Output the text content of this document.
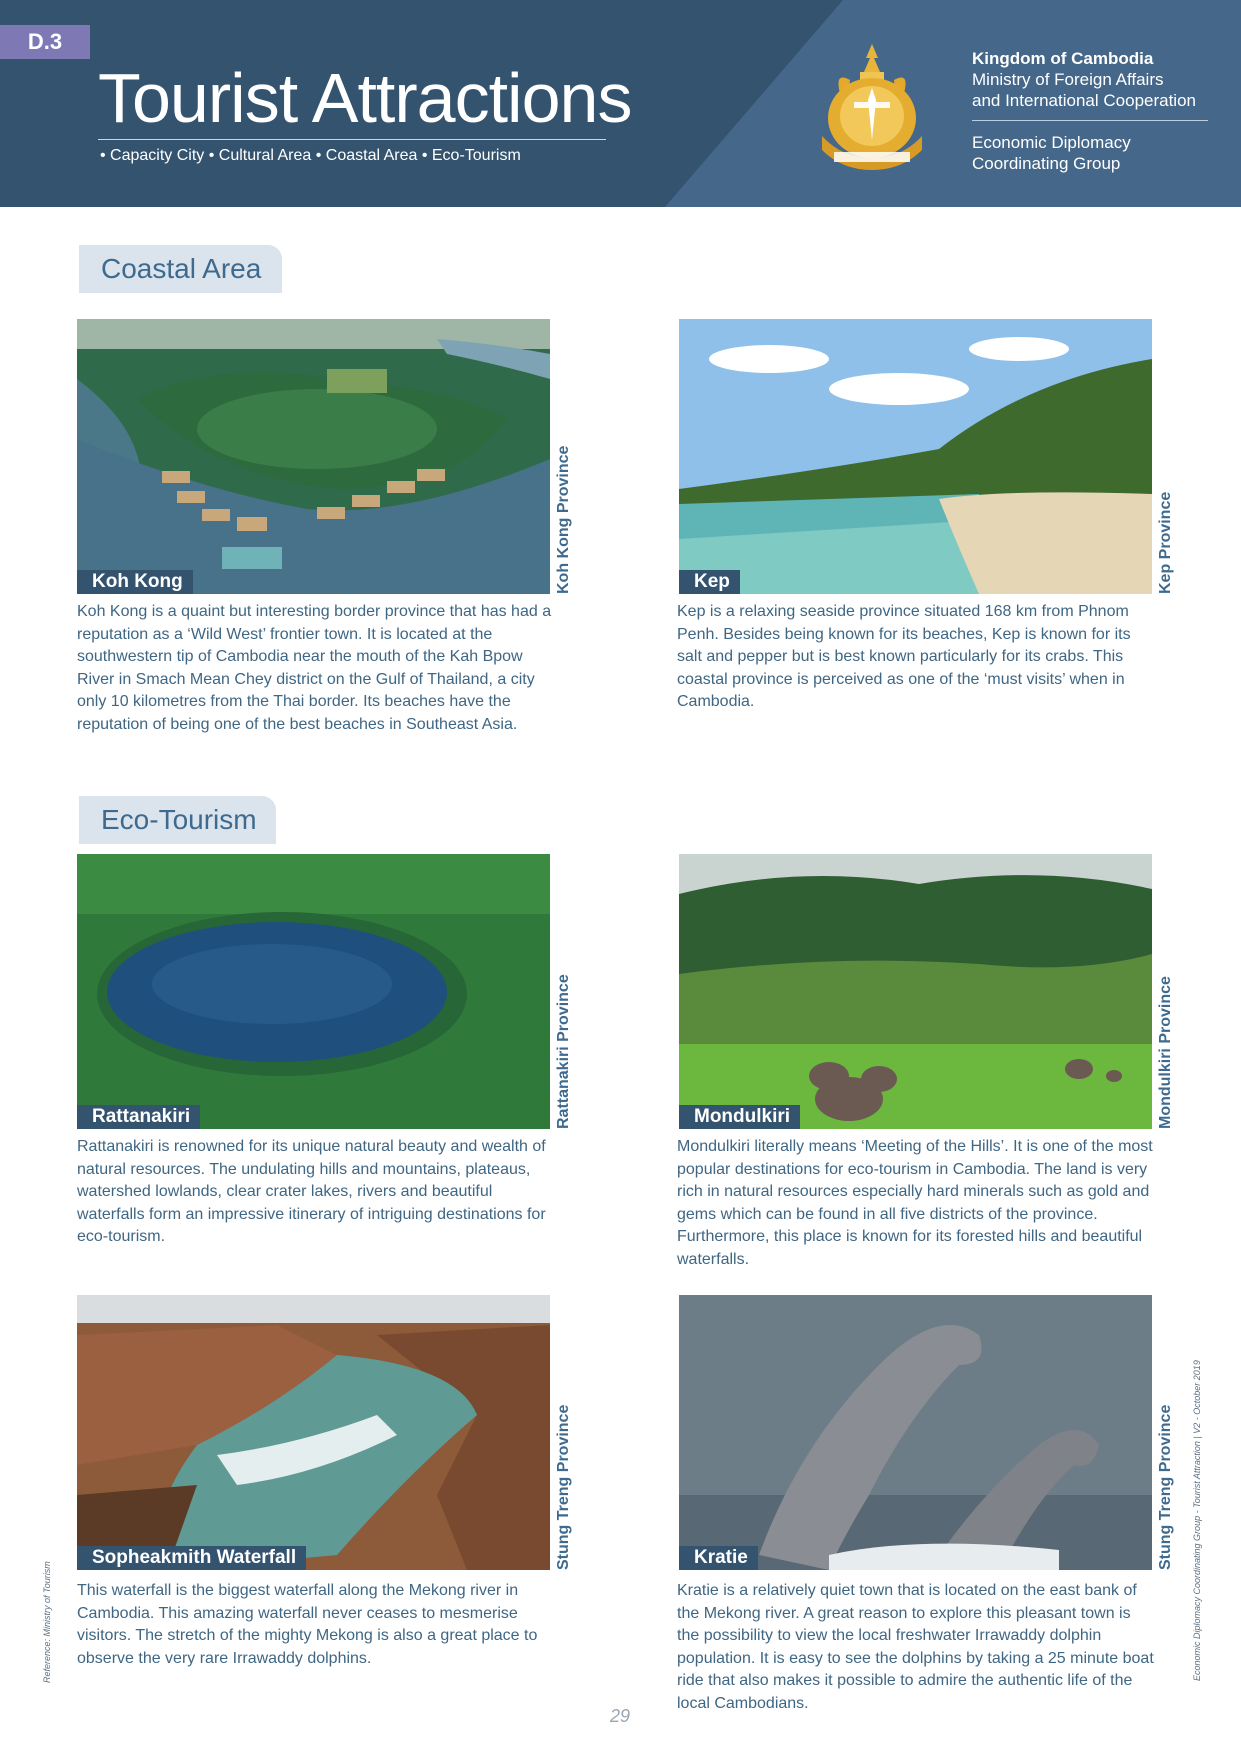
D.3
Tourist Attractions
• Capacity City • Cultural Area • Coastal Area • Eco-Tourism
Kingdom of Cambodia
Ministry of Foreign Affairs
and International Cooperation
Economic Diplomacy
Coordinating Group
Coastal Area
Koh Kong	Koh Kong Province

Koh Kong is a quaint but interesting border province that has had a reputation as a ‘Wild West’ frontier town. It is located at the southwestern tip of Cambodia near the mouth of the Kah Bpow River in Smach Mean Chey district on the Gulf of Thailand, a city only 10 kilometres from the Thai border. Its beaches have the reputation of being one of the best beaches in Southeast Asia.

Kep	Kep Province

Kep is a relaxing seaside province situated 168 km from Phnom Penh. Besides being known for its beaches, Kep is known for its salt and pepper but is best known particularly for its crabs. This coastal province is perceived as one of the ‘must visits’ when in Cambodia.

Eco-Tourism
Rattanakiri	Rattanakiri Province

Rattanakiri is renowned for its unique natural beauty and wealth of natural resources. The undulating hills and mountains, plateaus, watershed lowlands, clear crater lakes, rivers and beautiful waterfalls form an impressive itinerary of intriguing destinations for eco-tourism.

Mondulkiri	Mondulkiri Province

Mondulkiri literally means ‘Meeting of the Hills’. It is one of the most popular destinations for eco-tourism in Cambodia. The land is very rich in natural resources especially hard minerals such as gold and gems which can be found in all five districts of the province. Furthermore, this place is known for its forested hills and beautiful waterfalls.

Sopheakmith Waterfall	Stung Treng Province

This waterfall is the biggest waterfall along the Mekong river in Cambodia. This amazing waterfall never ceases to mesmerise visitors. The stretch of the mighty Mekong is also a great place to observe the very rare Irrawaddy dolphins.

Kratie	Stung Treng Province

Kratie is a relatively quiet town that is located on the east bank of the Mekong river. A great reason to explore this pleasant town is the possibility to view the local freshwater Irrawaddy dolphin population. It is easy to see the dolphins by taking a 25 minute boat ride that also makes it possible to admire the authentic life of the local Cambodians.

Reference: Ministry of Tourism	Economic Diplomacy Coordinating Group - Tourist Attraction | V2 - October 2019
29
